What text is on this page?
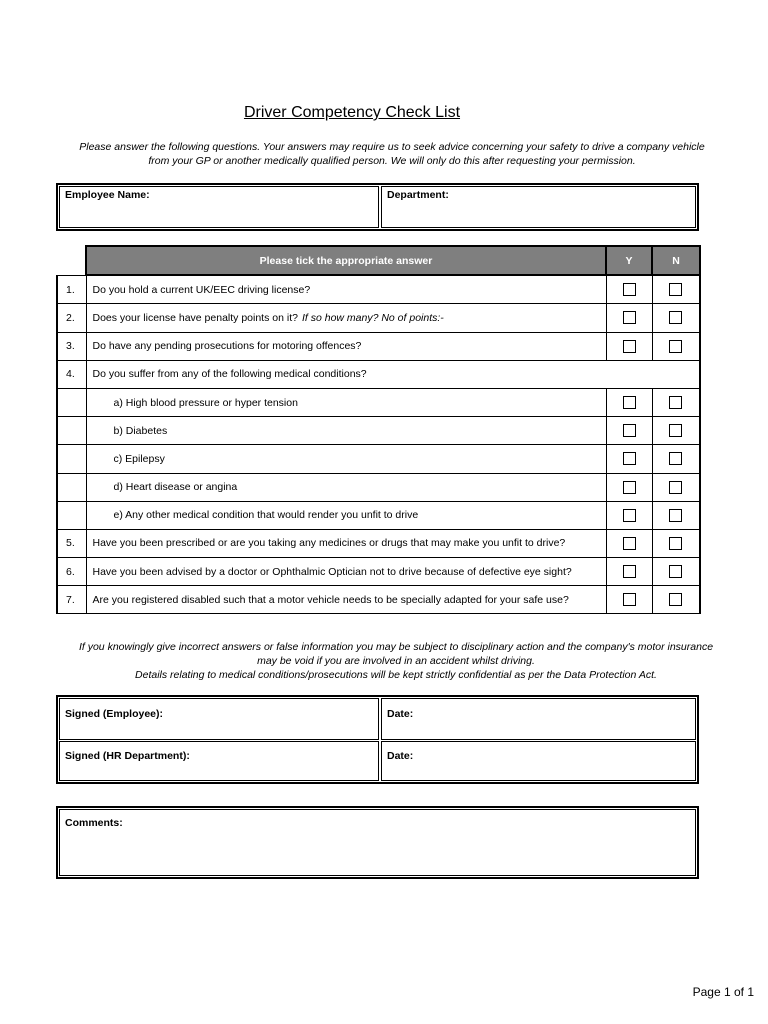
Driver Competency Check List
Please answer the following questions. Your answers may require us to seek advice concerning your safety to drive a company vehicle
from your GP or another medically qualified person. We will only do this after requesting your permission.
Employee Name:	Department:
	Please tick the appropriate answer	Y	N
1.	Do you hold a current UK/EEC driving license?		
2.	Does your license have penalty points on it? If so how many? No of points:-		
3.	Do have any pending prosecutions for motoring offences?		
4.	Do you suffer from any of the following medical conditions?		
	a) High blood pressure or hyper tension		
	b) Diabetes		
	c) Epilepsy		
	d) Heart disease or angina		
	e) Any other medical condition that would render you unfit to drive		
5.	Have you been prescribed or are you taking any medicines or drugs that may make you unfit to drive?		
6.	Have you been advised by a doctor or Ophthalmic Optician not to drive because of defective eye sight?		
7.	Are you registered disabled such that a motor vehicle needs to be specially adapted for your safe use?		
If you knowingly give incorrect answers or false information you may be subject to disciplinary action and the company's motor insurance
may be void if you are involved in an accident whilst driving.
Details relating to medical conditions/prosecutions will be kept strictly confidential as per the Data Protection Act.
Signed (Employee):	Date:
Signed (HR Department):	Date:
Comments:
Page 1 of 1
